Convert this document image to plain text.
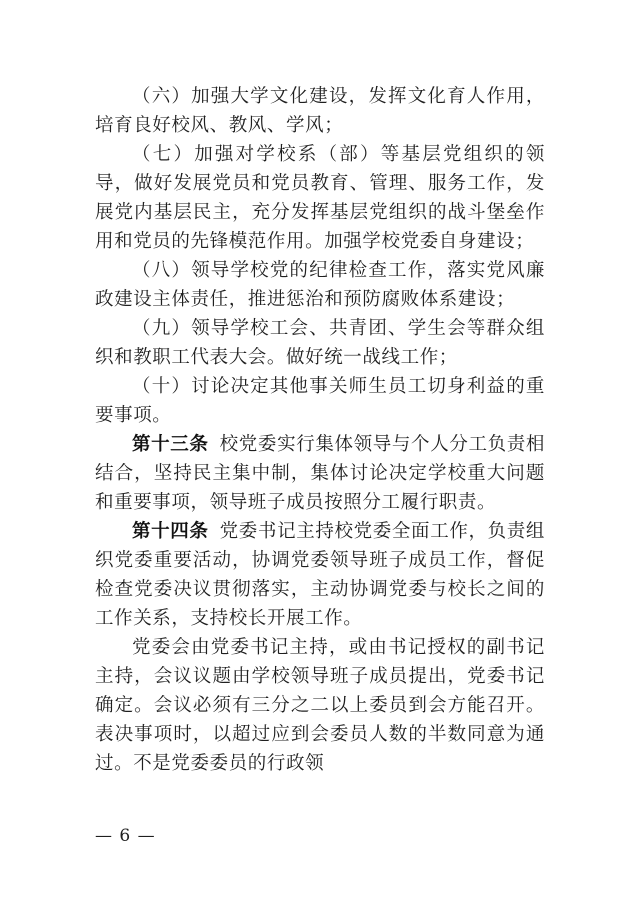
（六）加强大学文化建设，发挥文化育人作用，培育良好校风、教风、学风；

（七）加强对学校系（部）等基层党组织的领导，做好发展党员和党员教育、管理、服务工作，发展党内基层民主，充分发挥基层党组织的战斗堡垒作用和党员的先锋模范作用。加强学校党委自身建设；

（八）领导学校党的纪律检查工作，落实党风廉政建设主体责任，推进惩治和预防腐败体系建设；

（九）领导学校工会、共青团、学生会等群众组织和教职工代表大会。做好统一战线工作；

（十）讨论决定其他事关师生员工切身利益的重要事项。

第十三条 校党委实行集体领导与个人分工负责相结合，坚持民主集中制，集体讨论决定学校重大问题和重要事项，领导班子成员按照分工履行职责。

第十四条 党委书记主持校党委全面工作，负责组织党委重要活动，协调党委领导班子成员工作，督促检查党委决议贯彻落实，主动协调党委与校长之间的工作关系，支持校长开展工作。

党委会由党委书记主持，或由书记授权的副书记主持，会议议题由学校领导班子成员提出，党委书记确定。会议必须有三分之二以上委员到会方能召开。表决事项时，以超过应到会委员人数的半数同意为通过。不是党委委员的行政领

— 6 —
